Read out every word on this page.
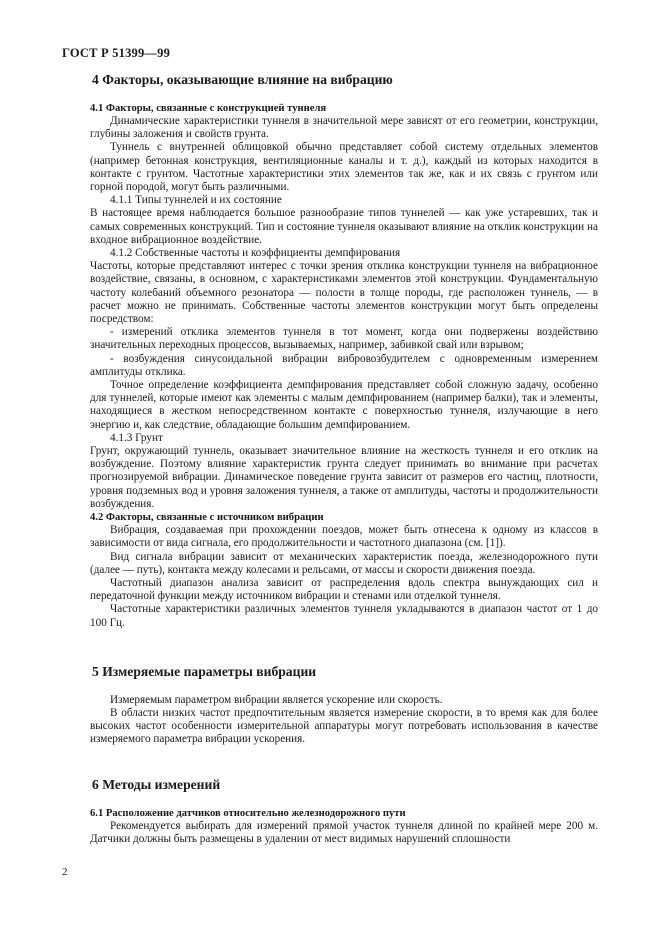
ГОСТ Р 51399—99

4 Факторы, оказывающие влияние на вибрацию

4.1 Факторы, связанные с конструкцией туннеля

Динамические характеристики туннеля в значительной мере зависят от его геометрии, конструкции, глубины заложения и свойств грунта.

Туннель с внутренней облицовкой обычно представляет собой систему отдельных элементов (например бетонная конструкция, вентиляционные каналы и т. д.), каждый из которых находится в контакте с грунтом. Частотные характеристики этих элементов так же, как и их связь с грунтом или горной породой, могут быть различными.

4.1.1 Типы туннелей и их состояние

В настоящее время наблюдается большое разнообразие типов туннелей — как уже устаревших, так и самых современных конструкций. Тип и состояние туннеля оказывают влияние на отклик конструкции на входное вибрационное воздействие.

4.1.2 Собственные частоты и коэффициенты демпфирования

Частоты, которые представляют интерес с точки зрения отклика конструкции туннеля на вибрационное воздействие, связаны, в основном, с характеристиками элементов этой конструкции. Фундаментальную частоту колебаний объемного резонатора — полости в толще породы, где расположен туннель, — в расчет можно не принимать. Собственные частоты элементов конструкции могут быть определены посредством:

- измерений отклика элементов туннеля в тот момент, когда они подвержены воздействию значительных переходных процессов, вызываемых, например, забивкой свай или взрывом;

- возбуждения синусоидальной вибрации вибровозбудителем с одновременным измерением амплитуды отклика.

Точное определение коэффициента демпфирования представляет собой сложную задачу, особенно для туннелей, которые имеют как элементы с малым демпфированием (например балки), так и элементы, находящиеся в жестком непосредственном контакте с поверхностью туннеля, излучающие в него энергию и, как следствие, обладающие большим демпфированием.

4.1.3 Грунт

Грунт, окружающий туннель, оказывает значительное влияние на жесткость туннеля и его отклик на возбуждение. Поэтому влияние характеристик грунта следует принимать во внимание при расчетах прогнозируемой вибрации. Динамическое поведение грунта зависит от размеров его частиц, плотности, уровня подземных вод и уровня заложения туннеля, а также от амплитуды, частоты и продолжительности возбуждения.

4.2 Факторы, связанные с источником вибрации

Вибрация, создаваемая при прохождении поездов, может быть отнесена к одному из классов в зависимости от вида сигнала, его продолжительности и частотного диапазона (см. [1]).

Вид сигнала вибрации зависит от механических характеристик поезда, железнодорожного пути (далее — путь), контакта между колесами и рельсами, от массы и скорости движения поезда.

Частотный диапазон анализа зависит от распределения вдоль спектра вынуждающих сил и передаточной функции между источником вибрации и стенами или отделкой туннеля.

Частотные характеристики различных элементов туннеля укладываются в диапазон частот от 1 до 100 Гц.

5 Измеряемые параметры вибрации

Измеряемым параметром вибрации является ускорение или скорость.

В области низких частот предпочтительным является измерение скорости, в то время как для более высоких частот особенности измерительной аппаратуры могут потребовать использования в качестве измеряемого параметра вибрации ускорения.

6 Методы измерений

6.1 Расположение датчиков относительно железнодорожного пути

Рекомендуется выбирать для измерений прямой участок туннеля длиной по крайней мере 200 м. Датчики должны быть размещены в удалении от мест видимых нарушений сплошности

2
